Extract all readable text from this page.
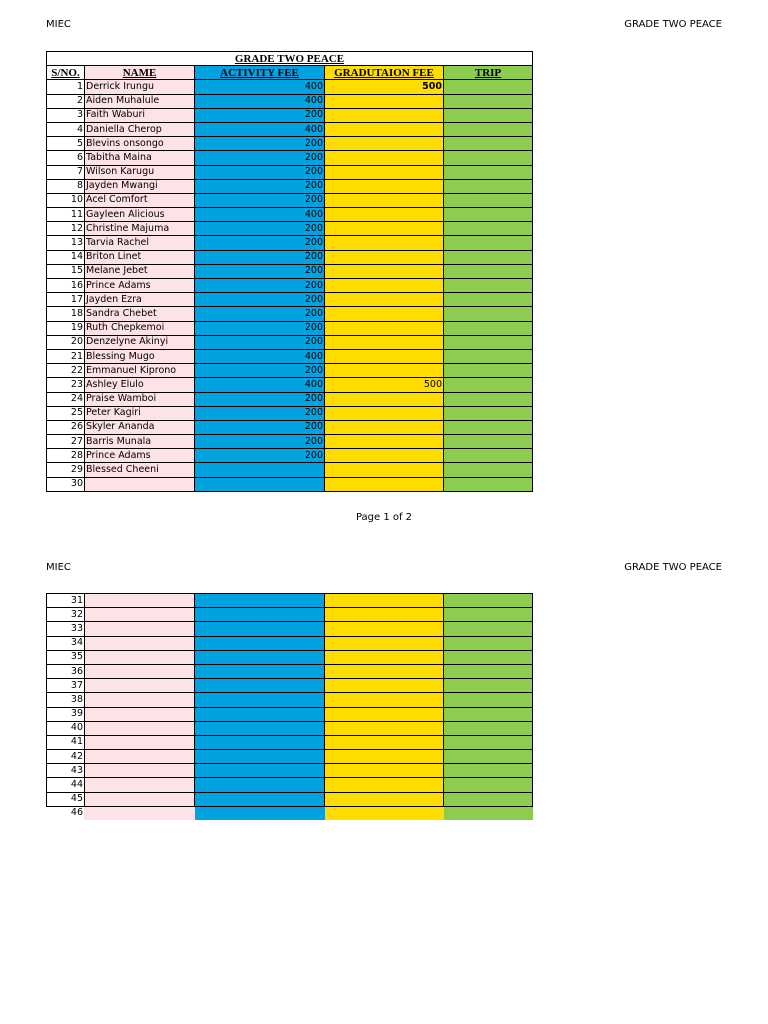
MIEC	GRADE TWO PEACE
GRADE TWO PEACE				
S/NO.	NAME	ACTIVITY FEE	GRADUTAION FEE	TRIP
1	Derrick Irungu	400	500	
2	Aiden Muhalule	400		
3	Faith Waburi	200		
4	Daniella Cherop	400		
5	Blevins onsongo	200		
6	Tabitha Maina	200		
7	Wilson Karugu	200		
8	Jayden Mwangi	200		
10	Acel Comfort	200		
11	Gayleen Alicious	400		
12	Christine Majuma	200		
13	Tarvia Rachel	200		
14	Briton Linet	200		
15	Melane Jebet	200		
16	Prince Adams	200		
17	Jayden Ezra	200		
18	Sandra Chebet	200		
19	Ruth Chepkemoi	200		
20	Denzelyne Akinyi	200		
21	Blessing Mugo	400		
22	Emmanuel Kiprono	200		
23	Ashley Elulo	400	500	
24	Praise Wamboi	200		
25	Peter Kagiri	200		
26	Skyler Ananda	200		
27	Barris Munala	200		
28	Prince Adams	200		
29	Blessed Cheeni			
30				
Page 1 of 2
MIEC	GRADE TWO PEACE
31				
32				
33				
34				
35				
36				
37				
38				
39				
40				
41				
42				
43				
44				
45				
46				
